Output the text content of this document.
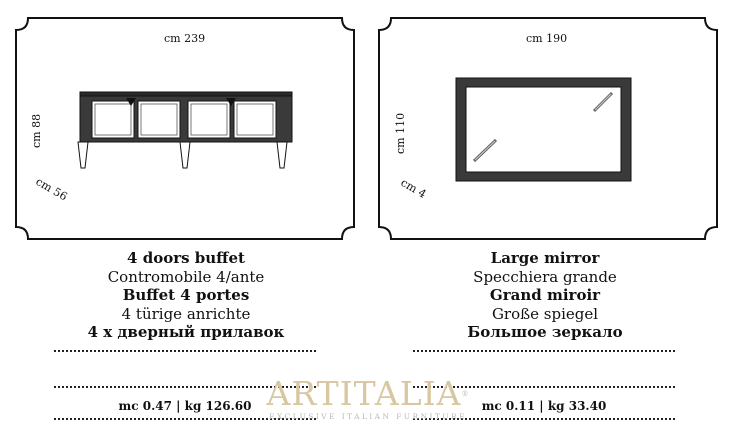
cm 239
cm 88
cm 56
cm 190
cm 110
cm 4
4 doors buffet
Contromobile 4/ante
Buffet 4 portes
4 türige anrichte
4 х дверный прилавок
Large mirror
Specchiera grande
Grand miroir
Große spiegel
Большое зеркало
mc 0.47 | kg 126.60	mc 0.11 | kg 33.40
ARTITALIA®
EXCLUSIVE ITALIAN FURNITURE
